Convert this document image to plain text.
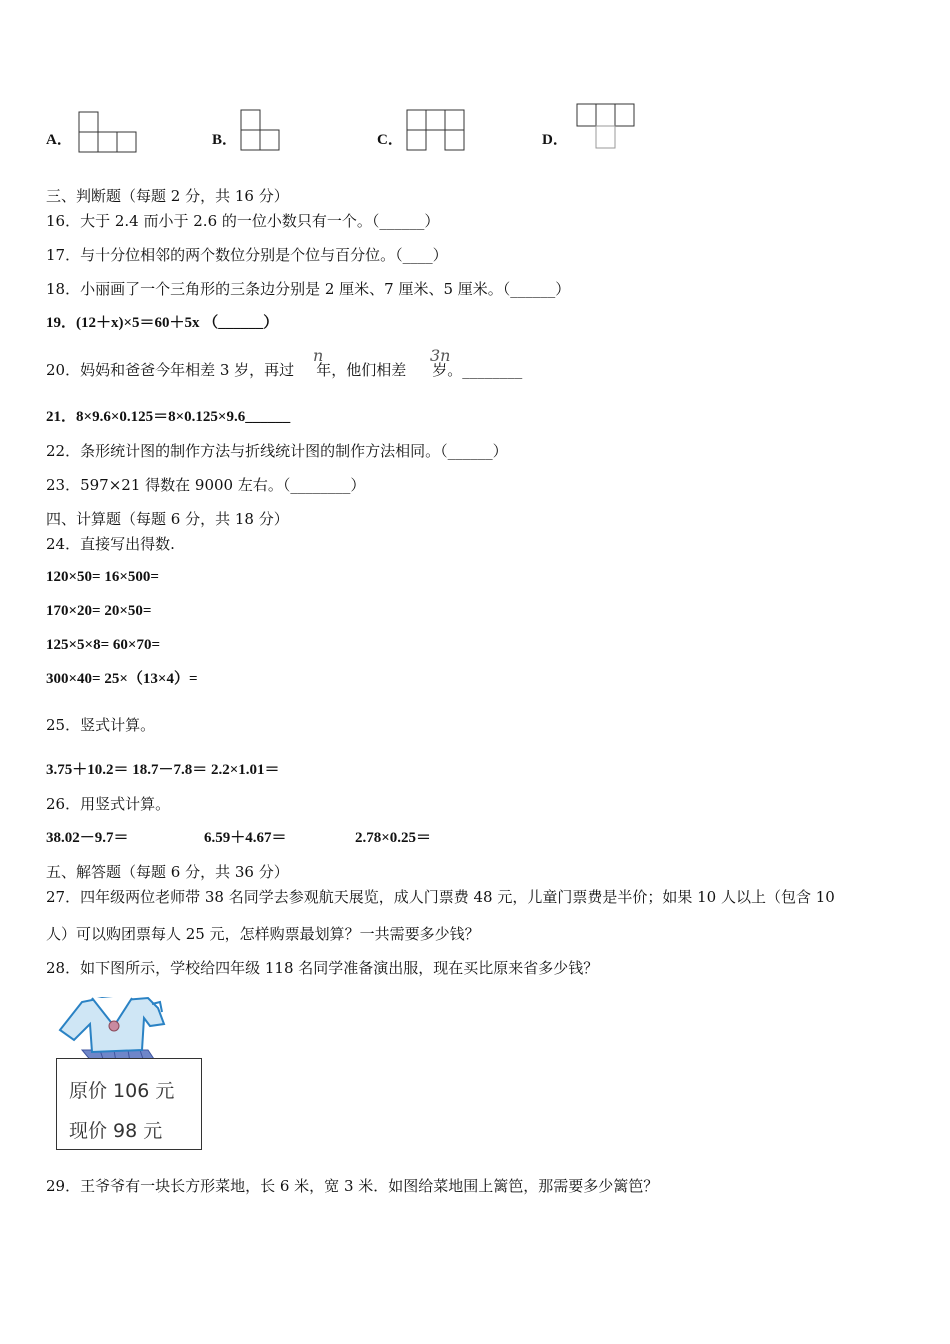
A．	B．	C．	D．
三、判断题（每题 2 分，共 16 分）
16．大于 2.4 而小于 2.6 的一位小数只有一个。（______）
17．与十分位相邻的两个数位分别是个位与百分位。（____）
18．小丽画了一个三角形的三条边分别是 2 厘米、7 厘米、5 厘米。（______）
19．(12＋x)×5＝60＋5x （______）
20．妈妈和爸爸今年相差 3 岁，再过 年，他们相差 岁。________
n	3n
21．8×9.6×0.125＝8×0.125×9.6______
22．条形统计图的制作方法与折线统计图的制作方法相同。（______）
23．597×21 得数在 9000 左右。（________）
四、计算题（每题 6 分，共 18 分）
24．直接写出得数.
120×50= 16×500=
170×20= 20×50=
125×5×8= 60×70=
300×40= 25×（13×4）=
25．竖式计算。
3.75＋10.2＝ 18.7－7.8＝ 2.2×1.01＝
26．用竖式计算。
38.02－9.7＝	6.59＋4.67＝	2.78×0.25＝
五、解答题（每题 6 分，共 36 分）
27．四年级两位老师带 38 名同学去参观航天展览，成人门票费 48 元，儿童门票费是半价；如果 10 人以上（包含 10
人）可以购团票每人 25 元，怎样购票最划算？一共需要多少钱？
28．如下图所示，学校给四年级 118 名同学准备演出服，现在买比原来省多少钱？
原价 106 元
现价 98 元
29．王爷爷有一块长方形菜地，长 6 米，宽 3 米．如图给菜地围上篱笆，那需要多少篱笆？
